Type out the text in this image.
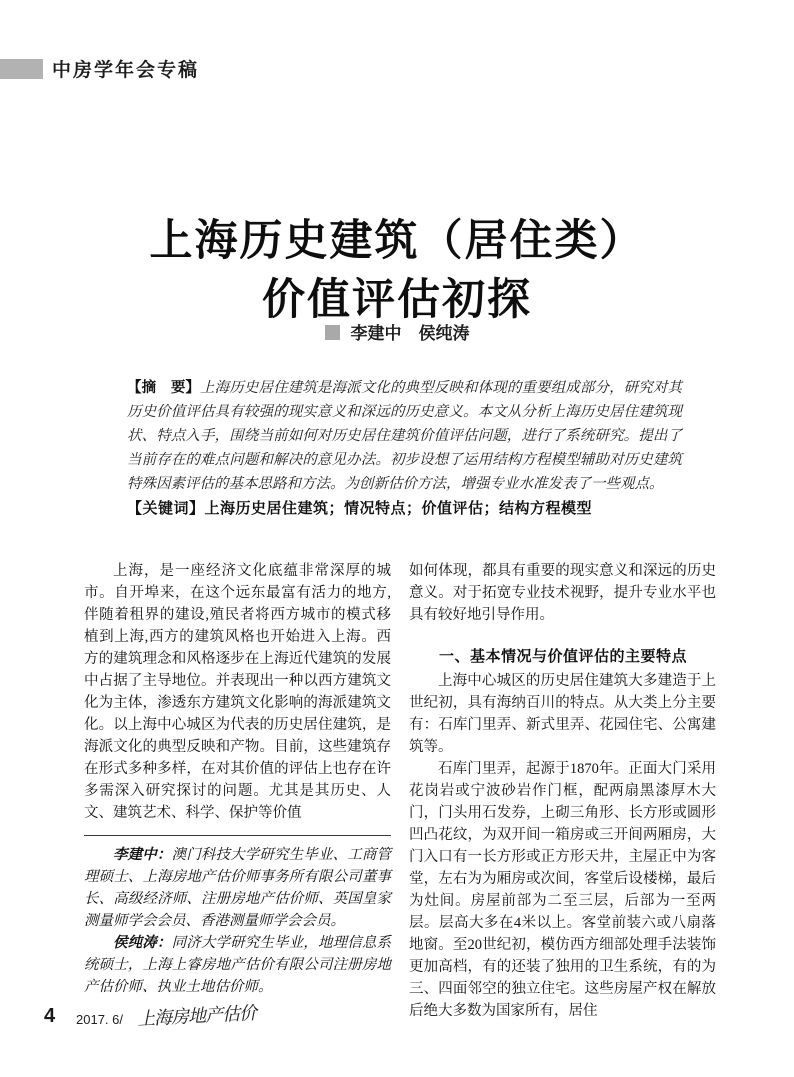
中房学年会专稿
上海历史建筑（居住类）
价值评估初探
李建中　侯纯涛
【摘　要】上海历史居住建筑是海派文化的典型反映和体现的重要组成部分，研究对其历史价值评估具有较强的现实意义和深远的历史意义。本文从分析上海历史居住建筑现状、特点入手，围绕当前如何对历史居住建筑价值评估问题，进行了系统研究。提出了当前存在的难点问题和解决的意见办法。初步设想了运用结构方程模型辅助对历史建筑特殊因素评估的基本思路和方法。为创新估价方法，增强专业水准发表了一些观点。
【关键词】上海历史居住建筑；情况特点；价值评估；结构方程模型

上海，是一座经济文化底蕴非常深厚的城市。自开埠来，在这个远东最富有活力的地方,伴随着租界的建设,殖民者将西方城市的模式移植到上海,西方的建筑风格也开始进入上海。西方的建筑理念和风格逐步在上海近代建筑的发展中占据了主导地位。并表现出一种以西方建筑文化为主体，渗透东方建筑文化影响的海派建筑文化。以上海中心城区为代表的历史居住建筑，是海派文化的典型反映和产物。目前，这些建筑存在形式多种多样，在对其价值的评估上也存在许多需深入研究探讨的问题。尤其是其历史、人文、建筑艺术、科学、保护等价值

李建中：澳门科技大学研究生毕业、工商管理硕士、上海房地产估价师事务所有限公司董事长、高级经济师、注册房地产估价师、英国皇家测量师学会会员、香港测量师学会会员。

侯纯涛：同济大学研究生毕业，地理信息系统硕士，上海上睿房地产估价有限公司注册房地产估价师、执业土地估价师。

如何体现，都具有重要的现实意义和深远的历史意义。对于拓宽专业技术视野，提升专业水平也具有较好地引导作用。

一、基本情况与价值评估的主要特点

上海中心城区的历史居住建筑大多建造于上世纪初，具有海纳百川的特点。从大类上分主要有：石库门里弄、新式里弄、花园住宅、公寓建筑等。

石库门里弄，起源于1870年。正面大门采用花岗岩或宁波砂岩作门框，配两扇黑漆厚木大门，门头用石发券，上砌三角形、长方形或圆形凹凸花纹，为双开间一箱房或三开间两厢房，大门入口有一长方形或正方形天井，主屋正中为客堂，左右为为厢房或次间，客堂后设楼梯，最后为灶间。房屋前部为二至三层，后部为一至两层。层高大多在4米以上。客堂前装六或八扇落地窗。至20世纪初，模仿西方细部处理手法装饰更加高档，有的还装了独用的卫生系统，有的为三、四面邻空的独立住宅。这些房屋产权在解放后绝大多数为国家所有，居住

4 2017. 6/ 上海房地产估价
